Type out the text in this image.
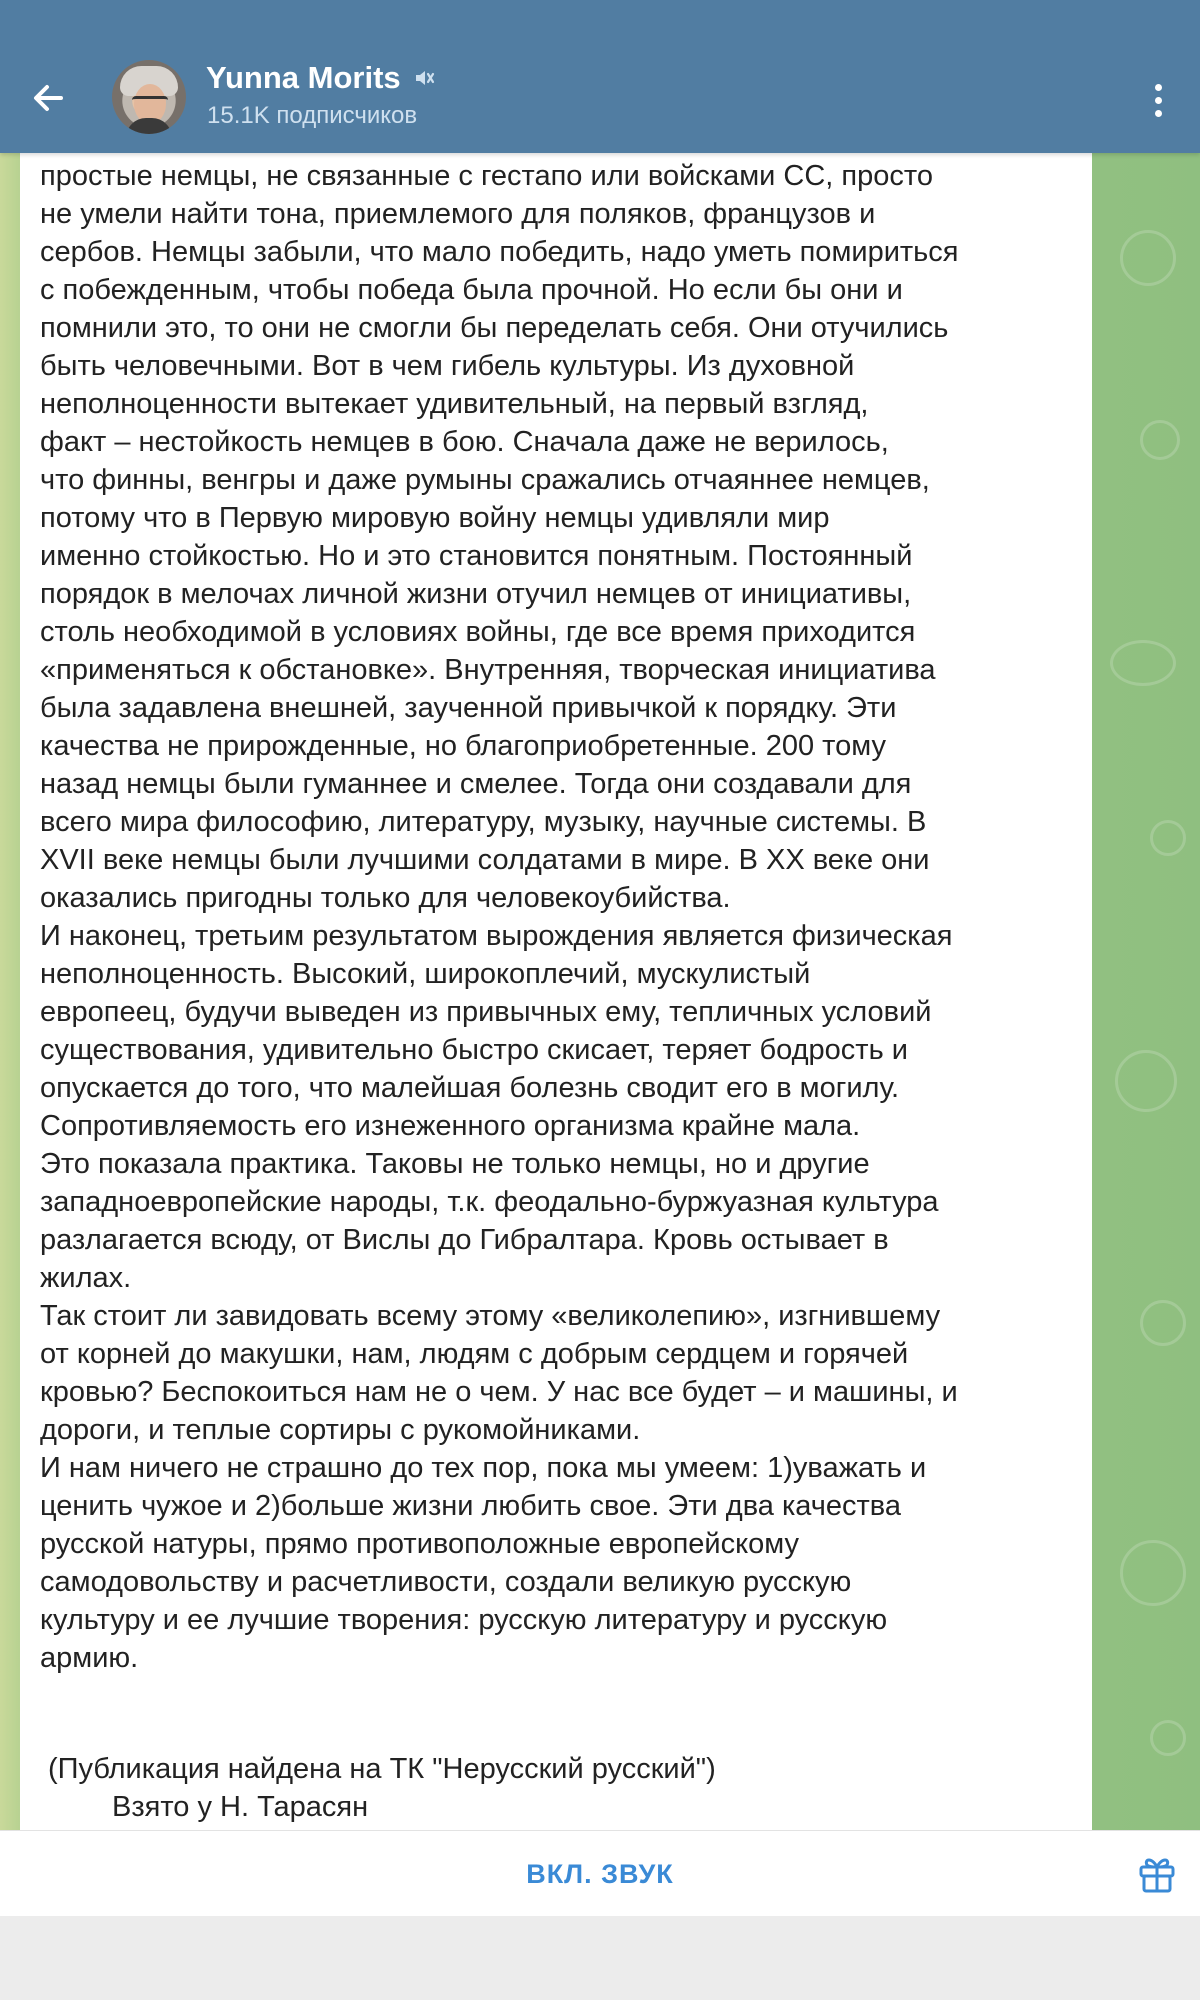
Yunna Morits
15.1K подписчиков
простые немцы, не связанные с гестапо или войсками СС, просто
не умели найти тона, приемлемого для поляков, французов и
сербов. Немцы забыли, что мало победить, надо уметь помириться
с побежденным, чтобы победа была прочной. Но если бы они и
помнили это, то они не смогли бы переделать себя. Они отучились
быть человечными. Вот в чем гибель культуры. Из духовной
неполноценности вытекает удивительный, на первый взгляд,
факт – нестойкость немцев в бою. Сначала даже не верилось,
что финны, венгры и даже румыны сражались отчаяннее немцев,
потому что в Первую мировую войну немцы удивляли мир
именно стойкостью. Но и это становится понятным. Постоянный
порядок в мелочах личной жизни отучил немцев от инициативы,
столь необходимой в условиях войны, где все время приходится
«применяться к обстановке». Внутренняя, творческая инициатива
была задавлена внешней, заученной привычкой к порядку. Эти
качества не прирожденные, но благоприобретенные. 200 тому
назад немцы были гуманнее и смелее. Тогда они создавали для
всего мира философию, литературу, музыку, научные системы. В
XVII веке немцы были лучшими солдатами в мире. В XX веке они
оказались пригодны только для человекоубийства.
И наконец, третьим результатом вырождения является физическая
неполноценность. Высокий, широкоплечий, мускулистый
европеец, будучи выведен из привычных ему, тепличных условий
существования, удивительно быстро скисает, теряет бодрость и
опускается до того, что малейшая болезнь сводит его в могилу.
Сопротивляемость его изнеженного организма крайне мала.
Это показала практика. Таковы не только немцы, но и другие
западноевропейские народы, т.к. феодально-буржуазная культура
разлагается всюду, от Вислы до Гибралтара. Кровь остывает в
жилах.
Так стоит ли завидовать всему этому «великолепию», изгнившему
от корней до макушки, нам, людям с добрым сердцем и горячей
кровью? Беспокоиться нам не о чем. У нас все будет – и машины, и
дороги, и теплые сортиры с рукомойниками.
И нам ничего не страшно до тех пор, пока мы умеем: 1)уважать и
ценить чужое и 2)больше жизни любить свое. Эти два качества
русской натуры, прямо противоположные европейскому
самодовольству и расчетливости, создали великую русскую
культуру и ее лучшие творения: русскую литературу и русскую
армию.
(Публикация найдена на ТК "Нерусский русский")
Взято у Н. Тарасян
ВКЛ. ЗВУК
